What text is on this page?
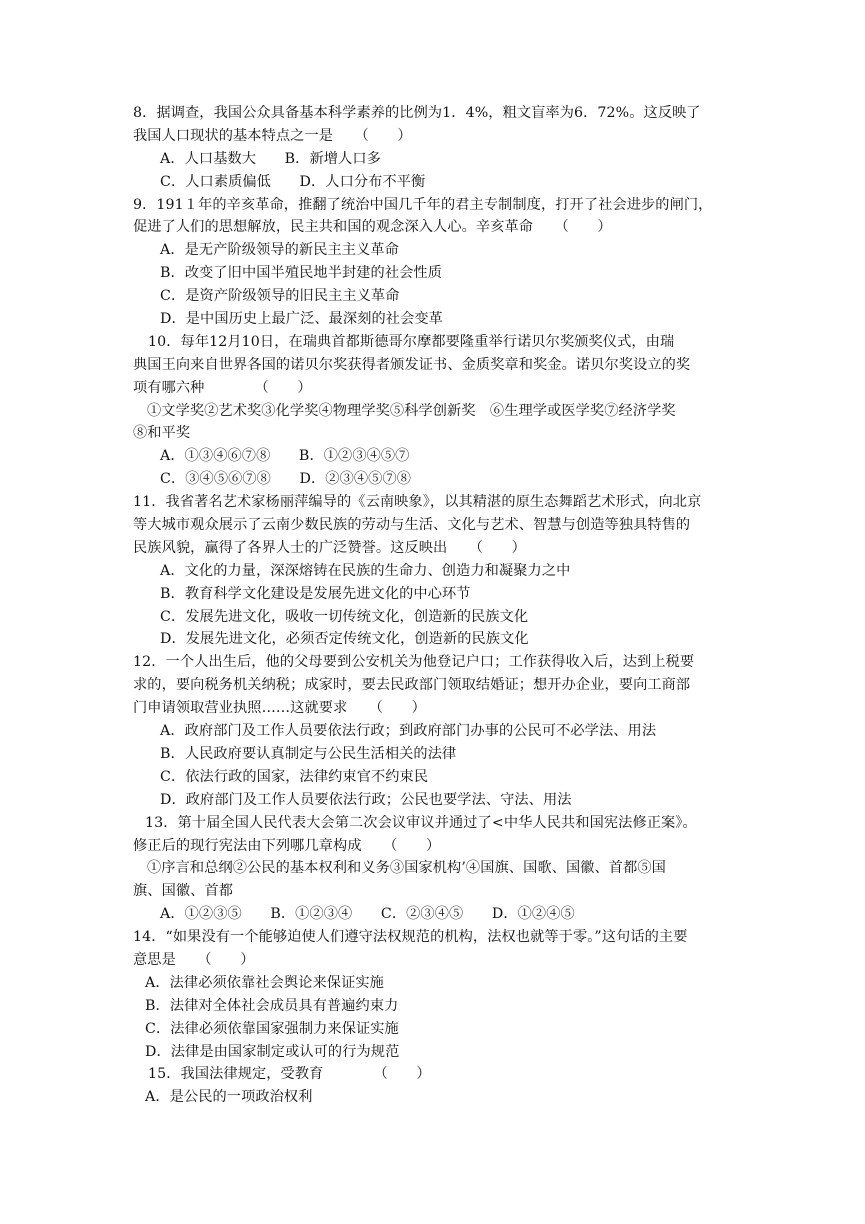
8．据调查，我国公众具备基本科学素养的比例为1．4%，粗文盲率为6．72%。这反映了
我国人口现状的基本特点之一是　　（　　）
A．人口基数大　　B．新增人口多
C．人口素质偏低　　D．人口分布不平衡
9．191１年的辛亥革命，推翻了统治中国几千年的君主专制制度，打开了社会进步的闸门，
促进了人们的思想解放，民主共和国的观念深入人心。辛亥革命　　（　　）
A．是无产阶级领导的新民主主义革命
B．改变了旧中国半殖民地半封建的社会性质
C．是资产阶级领导的旧民主主义革命
D．是中国历史上最广泛、最深刻的社会变革
10．每年12月10日，在瑞典首都斯德哥尔摩都要隆重举行诺贝尔奖颁奖仪式，由瑞
典国王向来自世界各国的诺贝尔奖获得者颁发证书、金质奖章和奖金。诺贝尔奖设立的奖
项有哪六种　　　　（　　）
①文学奖②艺术奖③化学奖④物理学奖⑤科学创新奖　⑥生理学或医学奖⑦经济学奖
⑧和平奖
A．①③④⑥⑦⑧　　B．①②③④⑤⑦
C．③④⑤⑥⑦⑧　　D．②③④⑤⑦⑧
11．我省著名艺术家杨丽萍编导的《云南映象》，以其精湛的原生态舞蹈艺术形式，向北京
等大城市观众展示了云南少数民族的劳动与生活、文化与艺术、智慧与创造等独具特售的
民族风貌，赢得了各界人士的广泛赞誉。这反映出　　（　　）
A．文化的力量，深深熔铸在民族的生命力、创造力和凝聚力之中
B．教育科学文化建设是发展先进文化的中心环节
C．发展先进文化，吸收一切传统文化，创造新的民族文化
D．发展先进文化，必须否定传统文化，创造新的民族文化
12．一个人出生后，他的父母要到公安机关为他登记户口；工作获得收入后，达到上税要
求的，要向税务机关纳税；成家时，要去民政部门领取结婚证；想开办企业，要向工商部
门申请领取营业执照……这就要求　　（　　）
A．政府部门及工作人员要依法行政；到政府部门办事的公民可不必学法、用法
B．人民政府要认真制定与公民生活相关的法律
C．依法行政的国家，法律约束官不约束民
D．政府部门及工作人员要依法行政；公民也要学法、守法、用法
13．第十届全国人民代表大会第二次会议审议并通过了<中华人民共和国宪法修正案》。
修正后的现行宪法由下列哪几章构成　　（　　）
①序言和总纲②公民的基本权利和义务③国家机构’④国旗、国歌、国徽、首都⑤国
旗、国徽、首都
A．①②③⑤　　B．①②③④　　C．②③④⑤　　D．①②④⑤
14．“如果没有一个能够迫使人们遵守法权规范的机构，法权也就等于零。”这句话的主要
意思是　　（　　）
A．法律必须依靠社会舆论来保证实施
B．法律对全体社会成员具有普遍约束力
C．法律必须依靠国家强制力来保证实施
D．法律是由国家制定或认可的行为规范
15．我国法律规定，受教育　　　　（　　）
A．是公民的一项政治权利
